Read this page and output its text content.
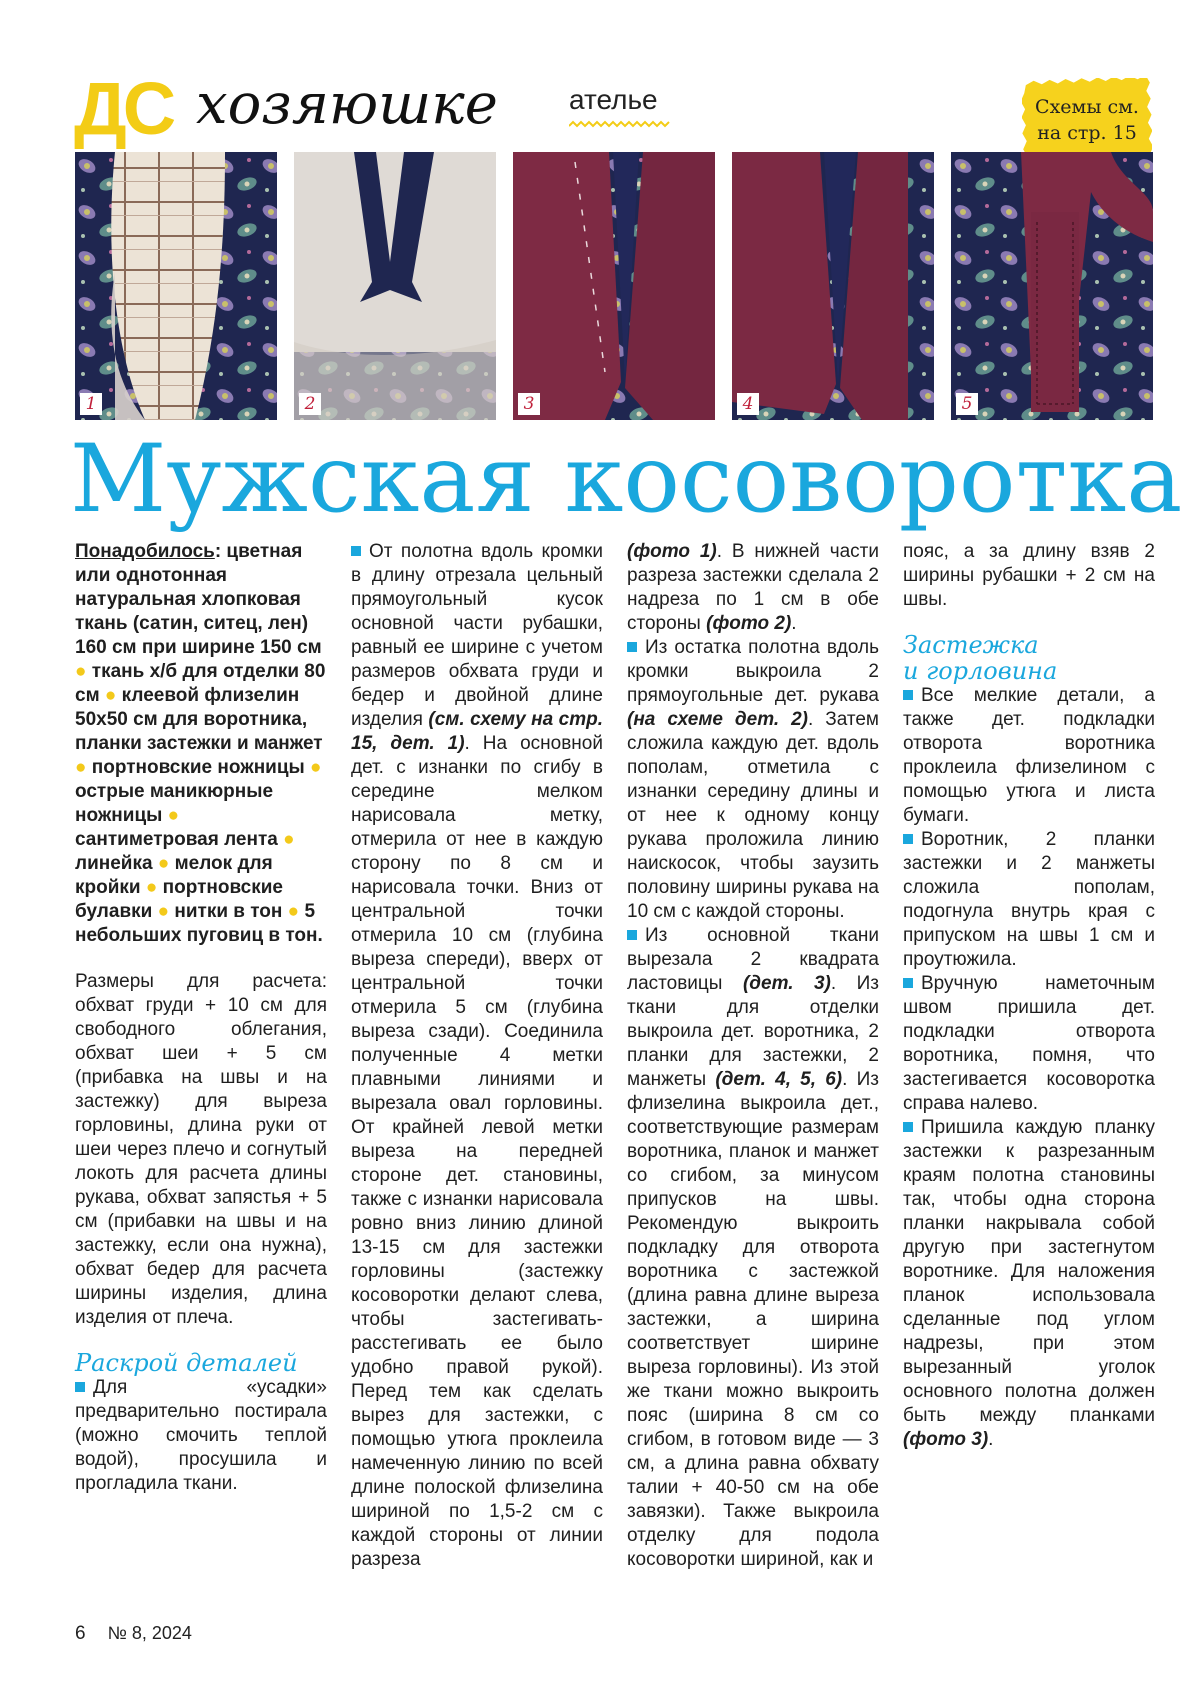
ДС хозяюшке	ателье	Схемы см.
на стр. 15
1	2	3	4	5
Мужская косоворотка

Понадобилось: цветная или однотонная натуральная хлопковая ткань (сатин, ситец, лен) 160 см при ширине 150 см ● ткань х/б для отделки 80 см ● клеевой флизелин 50х50 см для воротника, планки застежки и манжет ● портновские ножницы ● острые маникюрные ножницы ● сантиметровая лента ● линейка ● мелок для кройки ● портновские булавки ● нитки в тон ● 5 небольших пуговиц в тон.

Размеры для расчета: обхват груди + 10 см для свободного облегания, обхват шеи + 5 см (прибавка на швы и на застежку) для выреза горловины, длина руки от шеи через плечо и согнутый локоть для расчета длины рукава, обхват запястья + 5 см (прибавки на швы и на застежку, если она нужна), обхват бедер для расчета ширины изделия, длина изделия от плеча.

Раскрой деталей

Для «усадки» предварительно постирала (можно смочить теплой водой), просушила и прогладила ткани.

От полотна вдоль кромки в длину отрезала цельный прямоугольный кусок основной части рубашки, равный ее ширине с учетом размеров обхвата груди и бедер и двойной длине изделия (см. схему на стр. 15, дет. 1). На основной дет. с изнанки по сгибу в середине мелком нарисовала метку, отмерила от нее в каждую сторону по 8 см и нарисовала точки. Вниз от центральной точки отмерила 10 см (глубина выреза спереди), вверх от центральной точки отмерила 5 см (глубина выреза сзади). Соединила полученные 4 метки плавными линиями и вырезала овал горловины. От крайней левой метки выреза на передней стороне дет. становины, также с изнанки нарисовала ровно вниз линию длиной 13-15 см для застежки горловины (застежку косоворотки делают слева, чтобы застегивать-расстегивать ее было удобно правой рукой). Перед тем как сделать вырез для застежки, с помощью утюга проклеила намеченную линию по всей длине полоской флизелина шириной по 1,5-2 см с каждой стороны от линии разреза

(фото 1). В нижней части разреза застежки сделала 2 надреза по 1 см в обе стороны (фото 2).

Из остатка полотна вдоль кромки выкроила 2 прямоугольные дет. рукава (на схеме дет. 2). Затем сложила каждую дет. вдоль пополам, отметила с изнанки середину длины и от нее к одному концу рукава проложила линию наискосок, чтобы заузить половину ширины рукава на 10 см с каждой стороны.

Из основной ткани вырезала 2 квадрата ластовицы (дет. 3). Из ткани для отделки выкроила дет. воротника, 2 планки для застежки, 2 манжеты (дет. 4, 5, 6). Из флизелина выкроила дет., соответствующие размерам воротника, планок и манжет со сгибом, за минусом припусков на швы. Рекомендую выкроить подкладку для отворота воротника с застежкой (длина равна длине выреза застежки, а ширина соответствует ширине выреза горловины). Из этой же ткани можно выкроить пояс (ширина 8 см со сгибом, в готовом виде — 3 см, а длина равна обхвату талии + 40-50 см на обе завязки). Также выкроила отделку для подола косоворотки шириной, как и

пояс, а за длину взяв 2 ширины рубашки + 2 см на швы.

Застежка
и горловина

Все мелкие детали, а также дет. подкладки отворота воротника проклеила флизелином с помощью утюга и листа бумаги.

Воротник, 2 планки застежки и 2 манжеты сложила пополам, подогнула внутрь края с припуском на швы 1 см и проутюжила.

Вручную наметочным швом пришила дет. подкладки отворота воротника, помня, что застегивается косоворотка справа налево.

Пришила каждую планку застежки к разрезанным краям полотна становины так, чтобы одна сторона планки накрывала собой другую при застегнутом воротнике. Для наложения планок использовала сделанные под углом надрезы, при этом вырезанный уголок основного полотна должен быть между планками (фото 3).

6 № 8, 2024
